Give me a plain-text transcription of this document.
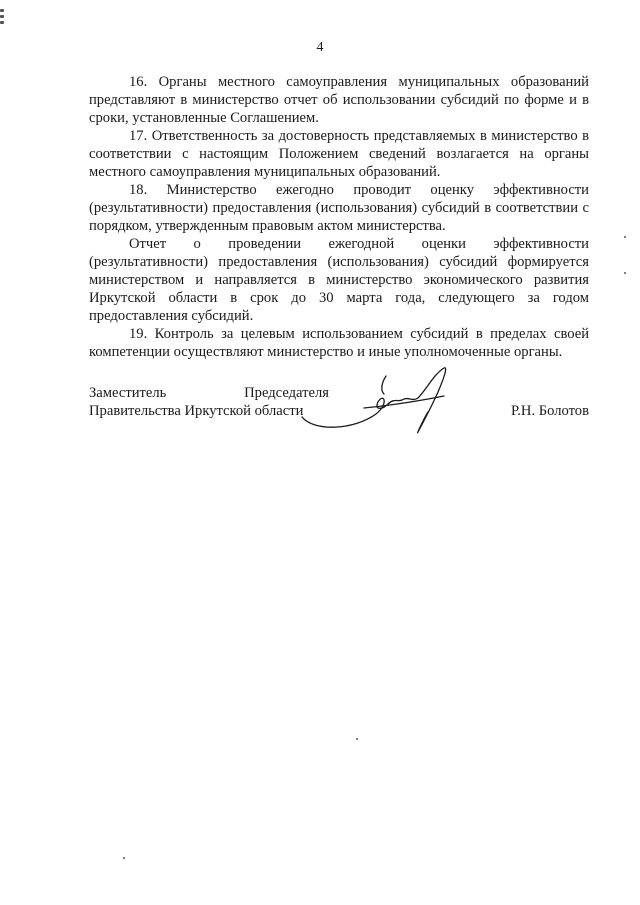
4

16. Органы местного самоуправления муниципальных образований представляют в министерство отчет об использовании субсидий по форме и в сроки, установленные Соглашением.

17. Ответственность за достоверность представляемых в министерство в соответствии с настоящим Положением сведений возлагается на органы местного самоуправления муниципальных образований.

18. Министерство ежегодно проводит оценку эффективности (результативности) предоставления (использования) субсидий в соответствии с порядком, утвержденным правовым актом министерства.

Отчет о проведении ежегодной оценки эффективности (результативности) предоставления (использования) субсидий формируется министерством и направляется в министерство экономического развития Иркутской области в срок до 30 марта года, следующего за годом предоставления субсидий.

19. Контроль за целевым использованием субсидий в пределах своей компетенции осуществляют министерство и иные уполномоченные органы.

Заместитель	Председателя
Правительства Иркутской области	Р.Н. Болотов
